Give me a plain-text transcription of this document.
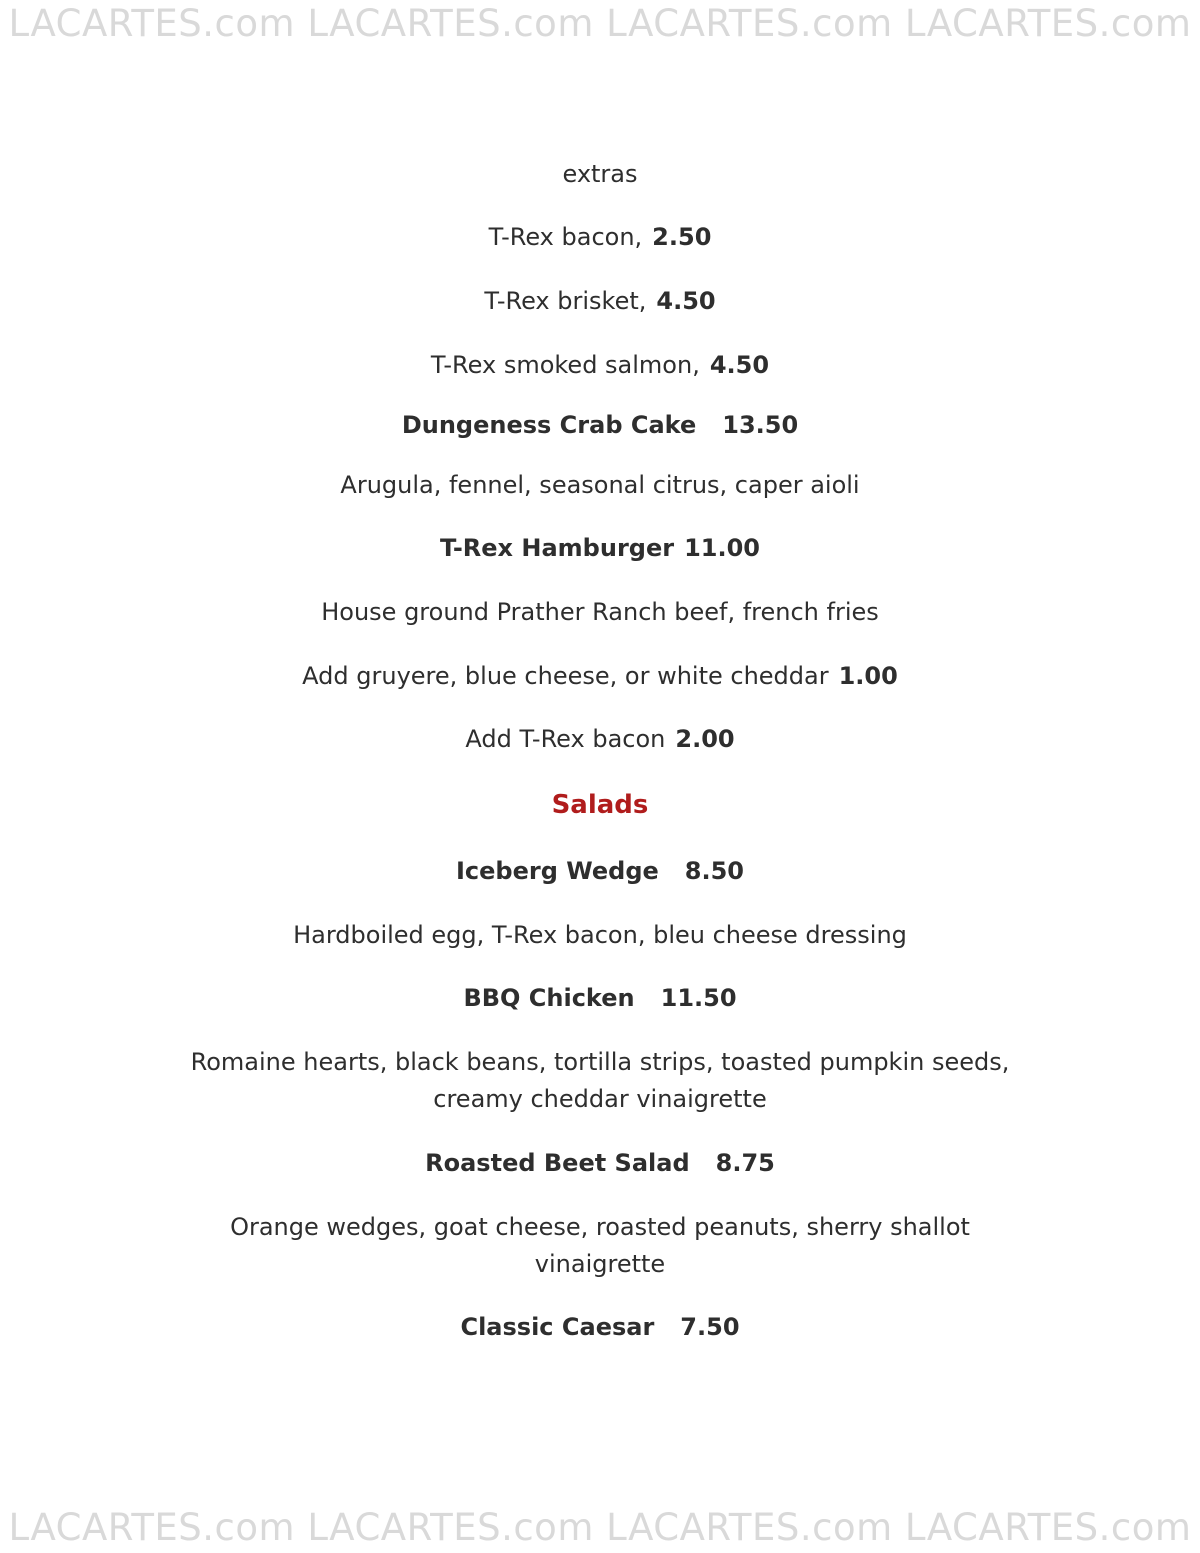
LACARTES.com LACARTES.com LACARTES.com LACARTES.com
extras
T-Rex bacon, 2.50
T-Rex brisket, 4.50
T-Rex smoked salmon, 4.50
Dungeness Crab Cake 13.50
Arugula, fennel, seasonal citrus, caper aioli
T-Rex Hamburger 11.00
House ground Prather Ranch beef, french fries
Add gruyere, blue cheese, or white cheddar 1.00
Add T-Rex bacon 2.00
Salads
Iceberg Wedge 8.50
Hardboiled egg, T-Rex bacon, bleu cheese dressing
BBQ Chicken 11.50
Romaine hearts, black beans, tortilla strips, toasted pumpkin seeds,
creamy cheddar vinaigrette
Roasted Beet Salad 8.75
Orange wedges, goat cheese, roasted peanuts, sherry shallot
vinaigrette
Classic Caesar 7.50
LACARTES.com LACARTES.com LACARTES.com LACARTES.com
